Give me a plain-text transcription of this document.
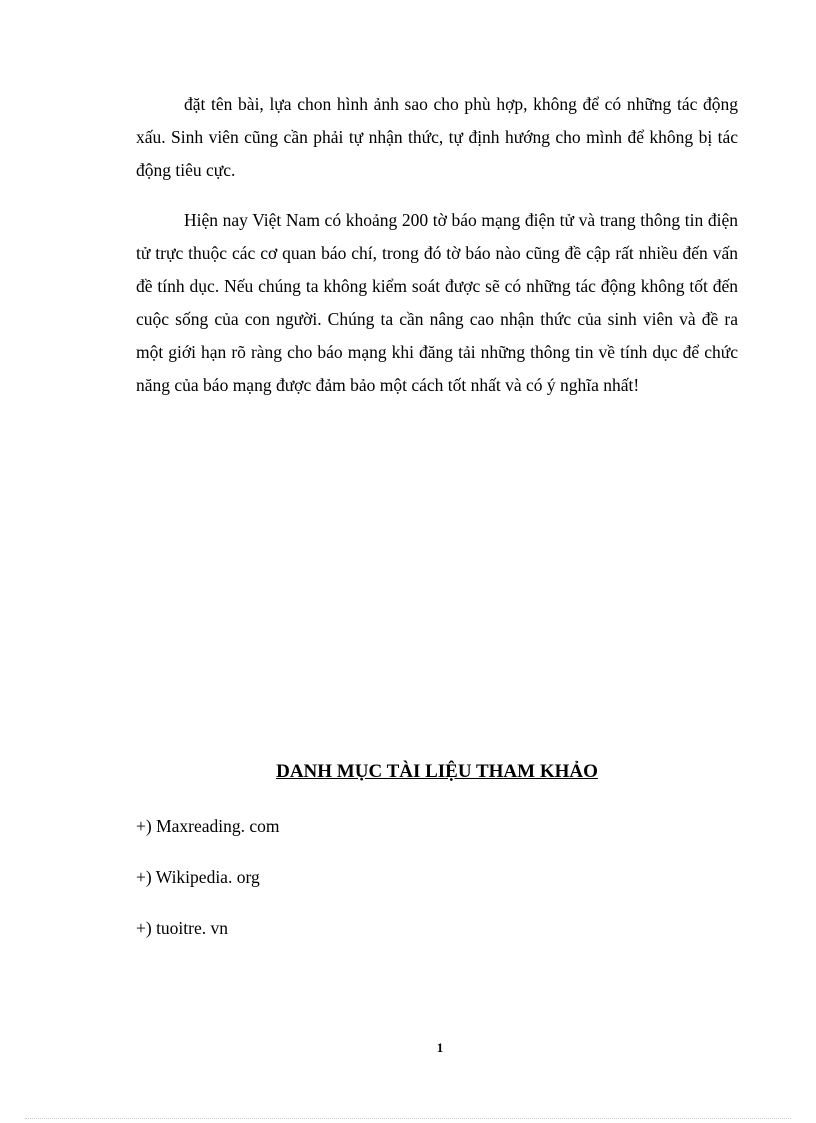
đặt tên bài, lựa chon hình ảnh sao cho phù hợp, không để có những tác động xấu. Sinh viên cũng cần phải tự nhận thức, tự định hướng cho mình để không bị tác động tiêu cực.

Hiện nay Việt Nam có khoảng 200 tờ báo mạng điện tử và trang thông tin điện tử trực thuộc các cơ quan báo chí, trong đó tờ báo nào cũng đề cập rất nhiều đến vấn đề tính dục. Nếu chúng ta không kiểm soát được sẽ có những tác động không tốt đến cuộc sống của con người. Chúng ta cần nâng cao nhận thức của sinh viên và đề ra một giới hạn rõ ràng cho báo mạng khi đăng tải những thông tin về tính dục để chức năng của báo mạng được đảm bảo một cách tốt nhất và có ý nghĩa nhất!

DANH MỤC TÀI LIỆU THAM KHẢO
+) Maxreading. com
+) Wikipedia. org
+) tuoitre. vn
1
